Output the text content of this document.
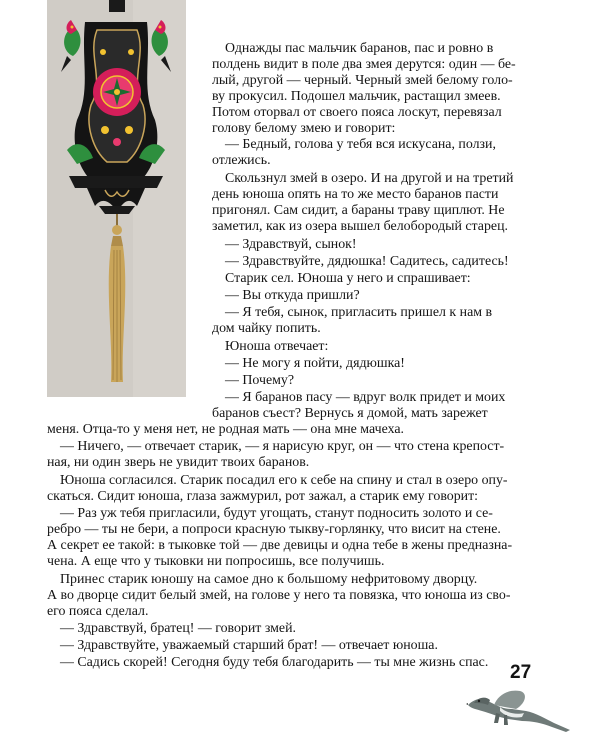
Однажды пас мальчик баранов, пас и ровно в

полдень видит в поле два змея дерутся: один — бе-

лый, другой — черный. Черный змей белому голо-

ву прокусил. Подошел мальчик, растащил змеев.

Потом оторвал от своего пояса лоскут, перевязал

голову белому змею и говорит:

— Бедный, голова у тебя вся искусана, ползи,

отлежись.

Скользнул змей в озеро. И на другой и на третий

день юноша опять на то же место баранов пасти

пригонял. Сам сидит, а бараны траву щиплют. Не

заметил, как из озера вышел белобородый старец.

— Здравствуй, сынок!

— Здравствуйте, дядюшка! Садитесь, садитесь!

Старик сел. Юноша у него и спрашивает:

— Вы откуда пришли?

— Я тебя, сынок, пригласить пришел к нам в

дом чайку попить.

Юноша отвечает:

— Не могу я пойти, дядюшка!

— Почему?

— Я баранов пасу — вдруг волк придет и моих

баранов съест? Вернусь я домой, мать зарежет

меня. Отца-то у меня нет, не родная мать — она мне мачеха.

— Ничего, — отвечает старик, — я нарисую круг, он — что стена крепост-

ная, ни один зверь не увидит твоих баранов.

Юноша согласился. Старик посадил его к себе на спину и стал в озеро опу-

скаться. Сидит юноша, глаза зажмурил, рот зажал, а старик ему говорит:

— Раз уж тебя пригласили, будут угощать, станут подносить золото и се-

ребро — ты не бери, а попроси красную тыкву-горлянку, что висит на стене.

А секрет ее такой: в тыковке той — две девицы и одна тебе в жены предназна-

чена. А еще что у тыковки ни попросишь, все получишь.

Принес старик юношу на самое дно к большому нефритовому дворцу.

А во дворце сидит белый змей, на голове у него та повязка, что юноша из сво-

его пояса сделал.

— Здравствуй, братец! — говорит змей.

— Здравствуйте, уважаемый старший брат! — отвечает юноша.

— Садись скорей! Сегодня буду тебя благодарить — ты мне жизнь спас.	27
